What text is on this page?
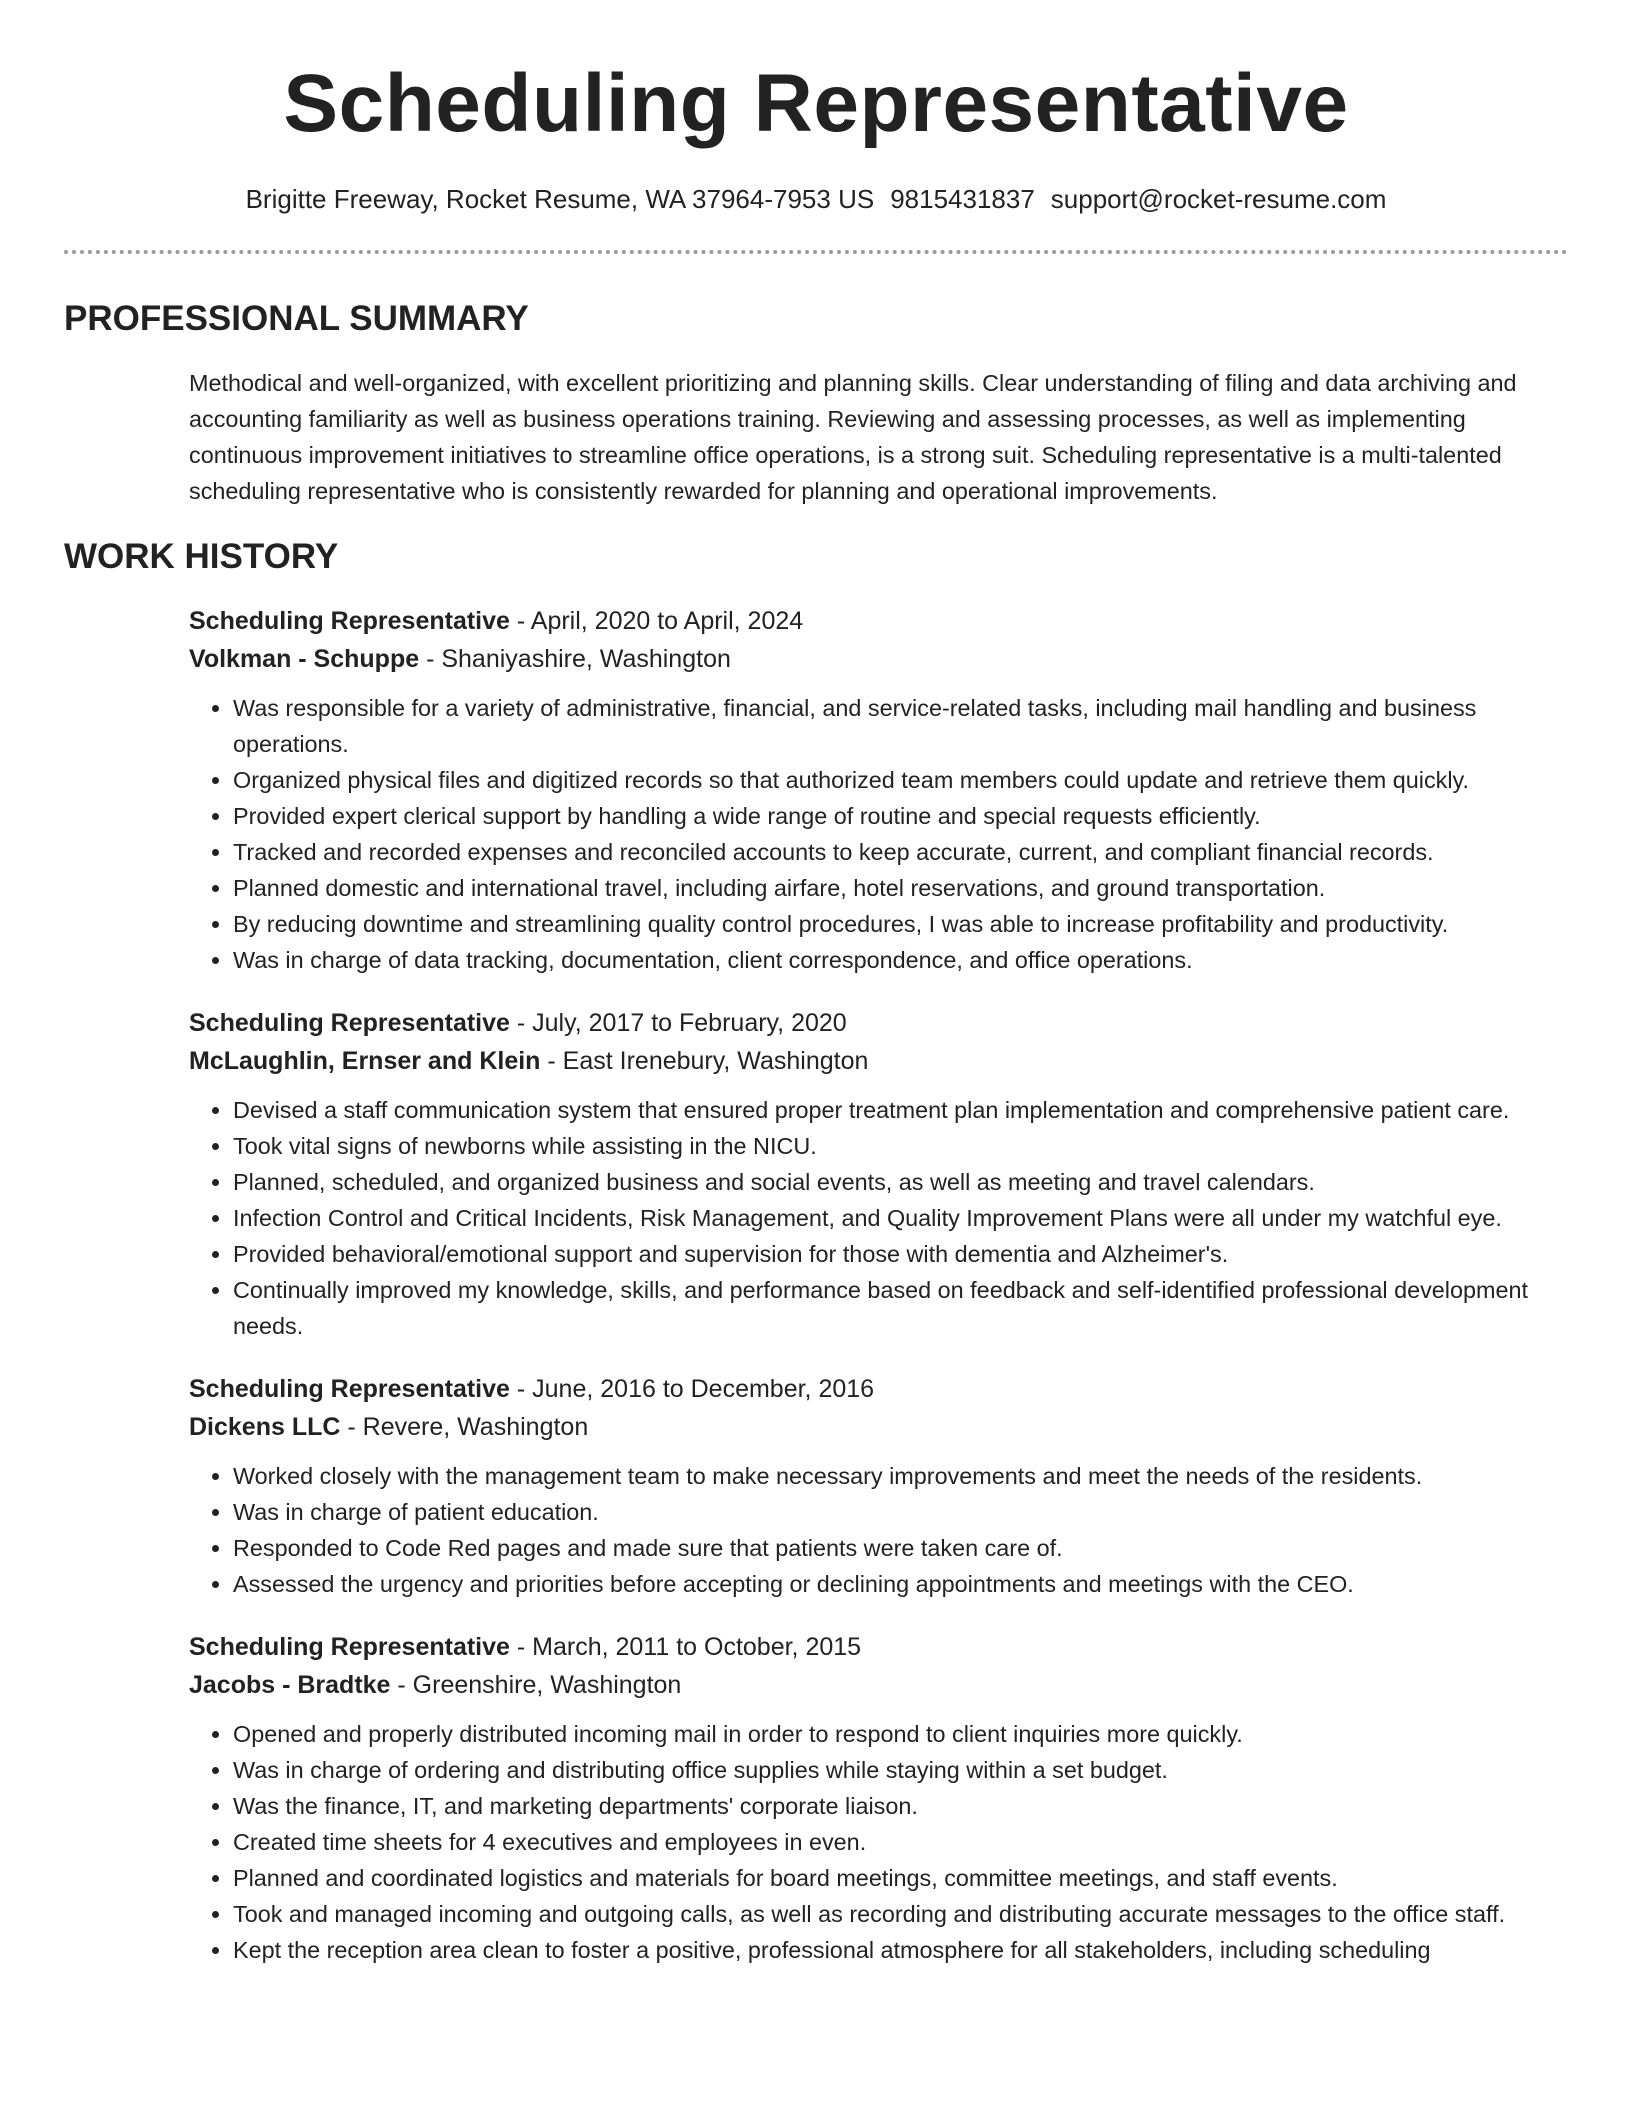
Scheduling Representative
Brigitte Freeway, Rocket Resume, WA 37964-7953 US 9815431837 support@rocket-resume.com
PROFESSIONAL SUMMARY

Methodical and well-organized, with excellent prioritizing and planning skills. Clear understanding of filing and data archiving and accounting familiarity as well as business operations training. Reviewing and assessing processes, as well as implementing continuous improvement initiatives to streamline office operations, is a strong suit. Scheduling representative is a multi-talented scheduling representative who is consistently rewarded for planning and operational improvements.

WORK HISTORY
Scheduling Representative - April, 2020 to April, 2024
Volkman - Schuppe - Shaniyashire, Washington
• Was responsible for a variety of administrative, financial, and service-related tasks, including mail handling and business operations.
• Organized physical files and digitized records so that authorized team members could update and retrieve them quickly.
• Provided expert clerical support by handling a wide range of routine and special requests efficiently.
• Tracked and recorded expenses and reconciled accounts to keep accurate, current, and compliant financial records.
• Planned domestic and international travel, including airfare, hotel reservations, and ground transportation.
• By reducing downtime and streamlining quality control procedures, I was able to increase profitability and productivity.
• Was in charge of data tracking, documentation, client correspondence, and office operations.
Scheduling Representative - July, 2017 to February, 2020
McLaughlin, Ernser and Klein - East Irenebury, Washington
• Devised a staff communication system that ensured proper treatment plan implementation and comprehensive patient care.
• Took vital signs of newborns while assisting in the NICU.
• Planned, scheduled, and organized business and social events, as well as meeting and travel calendars.
• Infection Control and Critical Incidents, Risk Management, and Quality Improvement Plans were all under my watchful eye.
• Provided behavioral/emotional support and supervision for those with dementia and Alzheimer's.
• Continually improved my knowledge, skills, and performance based on feedback and self-identified professional development needs.
Scheduling Representative - June, 2016 to December, 2016
Dickens LLC - Revere, Washington
• Worked closely with the management team to make necessary improvements and meet the needs of the residents.
• Was in charge of patient education.
• Responded to Code Red pages and made sure that patients were taken care of.
• Assessed the urgency and priorities before accepting or declining appointments and meetings with the CEO.
Scheduling Representative - March, 2011 to October, 2015
Jacobs - Bradtke - Greenshire, Washington
• Opened and properly distributed incoming mail in order to respond to client inquiries more quickly.
• Was in charge of ordering and distributing office supplies while staying within a set budget.
• Was the finance, IT, and marketing departments' corporate liaison.
• Created time sheets for 4 executives and employees in even.
• Planned and coordinated logistics and materials for board meetings, committee meetings, and staff events.
• Took and managed incoming and outgoing calls, as well as recording and distributing accurate messages to the office staff.
• Kept the reception area clean to foster a positive, professional atmosphere for all stakeholders, including scheduling
